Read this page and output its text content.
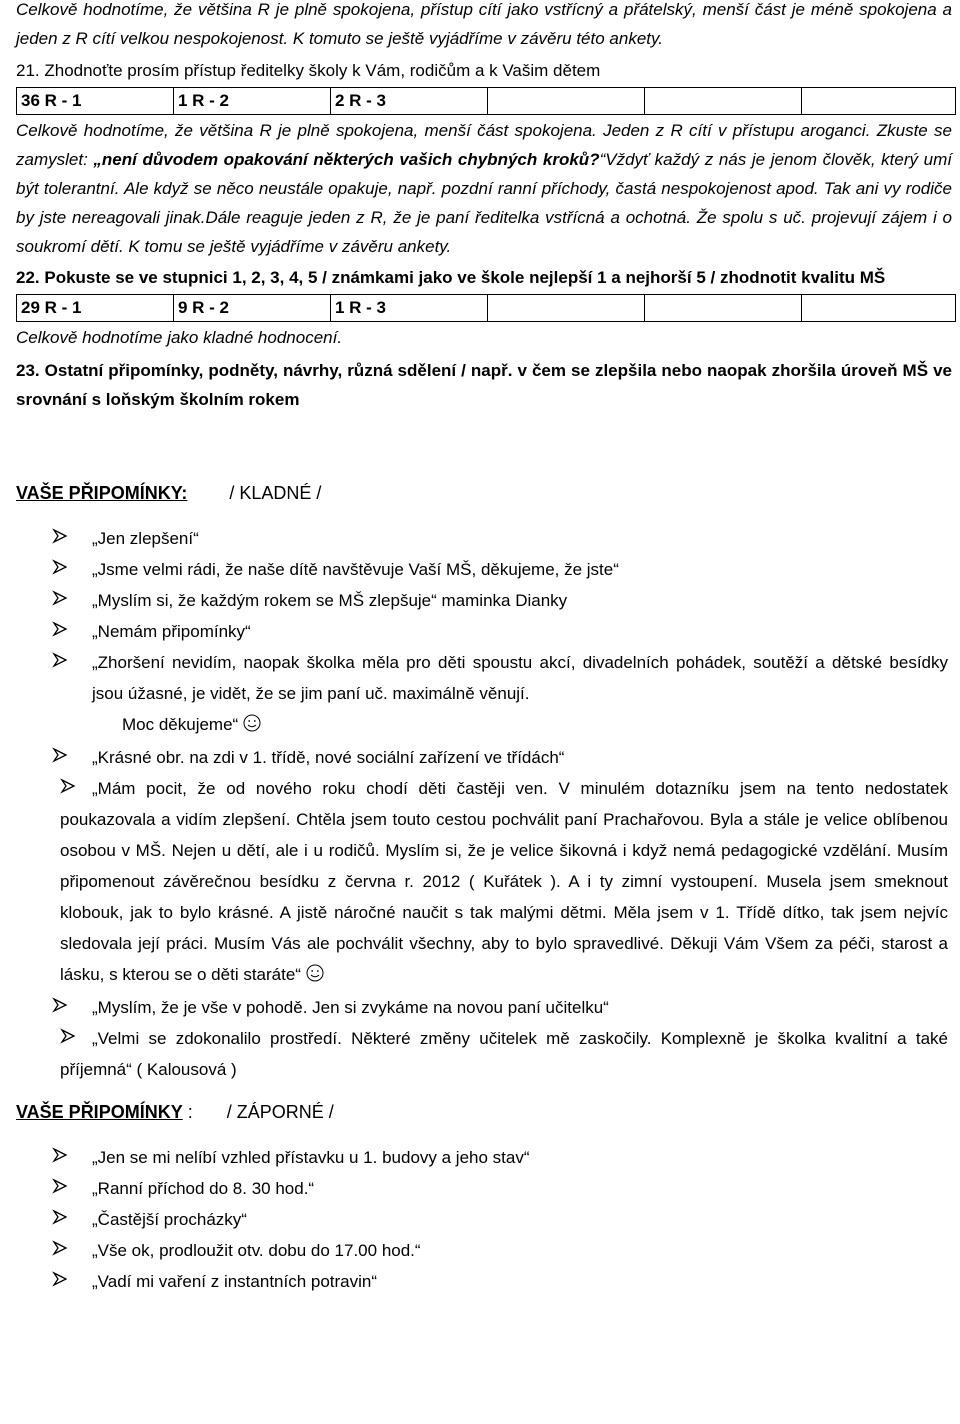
Celkově hodnotíme, že většina R je plně spokojena, přístup cítí jako vstřícný a přátelský, menší část je méně spokojena a jeden z R cítí velkou nespokojenost. K tomuto se ještě vyjádříme v závěru této ankety.

21. Zhodnoťte prosím přístup ředitelky školy k Vám, rodičům a k Vašim dětem

36 R - 1	1 R - 2	2 R - 3			

Celkově hodnotíme, že většina R je plně spokojena, menší část spokojena. Jeden z R cítí v přístupu aroganci. Zkuste se zamyslet: „není důvodem opakování některých vašich chybných kroků?“Vždyť každý z nás je jenom člověk, který umí být tolerantní. Ale když se něco neustále opakuje, např. pozdní ranní příchody, častá nespokojenost apod. Tak ani vy rodiče by jste nereagovali jinak.Dále reaguje jeden z R, že je paní ředitelka vstřícná a ochotná. Že spolu s uč. projevují zájem i o soukromí dětí. K tomu se ještě vyjádříme v závěru ankety.

22. Pokuste se ve stupnici 1, 2, 3, 4, 5 / známkami jako ve škole nejlepší 1 a nejhorší 5 / zhodnotit kvalitu MŠ

29 R - 1	9 R - 2	1 R - 3			

Celkově hodnotíme jako kladné hodnocení.

23. Ostatní připomínky, podněty, návrhy, různá sdělení / např. v čem se zlepšila nebo naopak zhoršila úroveň MŠ ve srovnání s loňským školním rokem

VAŠE PŘIPOMÍNKY: / KLADNÉ /

„Jen zlepšení“
„Jsme velmi rádi, že naše dítě navštěvuje Vaší MŠ, děkujeme, že jste“
„Myslím si, že každým rokem se MŠ zlepšuje“ maminka Dianky
„Nemám připomínky“
„Zhoršení nevidím, naopak školka měla pro děti spoustu akcí, divadelních pohádek, soutěží a dětské besídky jsou úžasné, je vidět, že se jim paní uč. maximálně věnují.
Moc děkujeme“
„Krásné obr. na zdi v 1. třídě, nové sociální zařízení ve třídách“
„Mám pocit, že od nového roku chodí děti častěji ven. V minulém dotazníku jsem na tento nedostatek poukazovala a vidím zlepšení. Chtěla jsem touto cestou pochválit paní Prachařovou. Byla a stále je velice oblíbenou osobou v MŠ. Nejen u dětí, ale i u rodičů. Myslím si, že je velice šikovná i když nemá pedagogické vzdělání. Musím připomenout závěrečnou besídku z června r. 2012 ( Kuřátek ). A i ty zimní vystoupení. Musela jsem smeknout klobouk, jak to bylo krásné. A jistě náročné naučit s tak malými dětmi. Měla jsem v 1. Třídě dítko, tak jsem nejvíc sledovala její práci. Musím Vás ale pochválit všechny, aby to bylo spravedlivé. Děkuji Vám Všem za péči, starost a lásku, s kterou se o děti staráte“
„Myslím, že je vše v pohodě. Jen si zvykáme na novou paní učitelku“
„Velmi se zdokonalilo prostředí. Některé změny učitelek mě zaskočily. Komplexně je školka kvalitní a také příjemná“ ( Kalousová )

VAŠE PŘIPOMÍNKY : / ZÁPORNÉ /

„Jen se mi nelíbí vzhled přístavku u 1. budovy a jeho stav“
„Ranní příchod do 8. 30 hod.“
„Častější procházky“
„Vše ok, prodloužit otv. dobu do 17.00 hod.“
„Vadí mi vaření z instantních potravin“
